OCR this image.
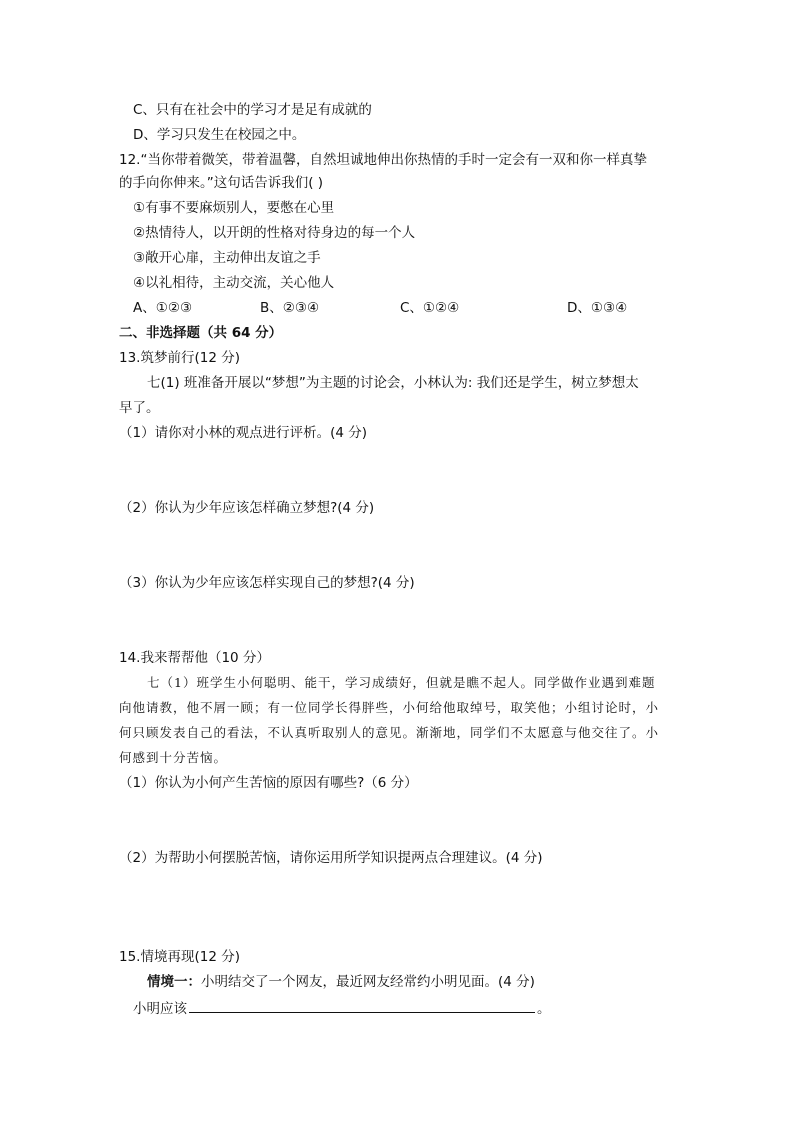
C、只有在社会中的学习才是足有成就的
D、学习只发生在校园之中。
12.“当你带着微笑，带着温馨，自然坦诚地伸出你热情的手时一定会有一双和你一样真挚
的手向你伸来。”这句话告诉我们( )
①有事不要麻烦别人，要憋在心里
②热情待人，以开朗的性格对待身边的每一个人
③敞开心扉，主动伸出友谊之手
④以礼相待，主动交流，关心他人
A、①②③	B、②③④	C、①②④	D、①③④
二、非选择题（共 64 分）
13.筑梦前行(12 分)
七(1) 班准备开展以“梦想”为主题的讨论会，小林认为: 我们还是学生，树立梦想太
早了。
（1）请你对小林的观点进行评析。(4 分)
（2）你认为少年应该怎样确立梦想?(4 分)
（3）你认为少年应该怎样实现自己的梦想?(4 分)
14.我来帮帮他（10 分）
七（1）班学生小何聪明、能干，学习成绩好，但就是瞧不起人。同学做作业遇到难题
向他请教，他不屑一顾；有一位同学长得胖些，小何给他取绰号，取笑他；小组讨论时，小
何只顾发表自己的看法，不认真听取别人的意见。渐渐地，同学们不太愿意与他交往了。小
何感到十分苦恼。
（1）你认为小何产生苦恼的原因有哪些?（6 分）
（2）为帮助小何摆脱苦恼，请你运用所学知识提两点合理建议。(4 分)
15.情境再现(12 分)
情境一：小明结交了一个网友，最近网友经常约小明见面。(4 分)
小明应该	。
